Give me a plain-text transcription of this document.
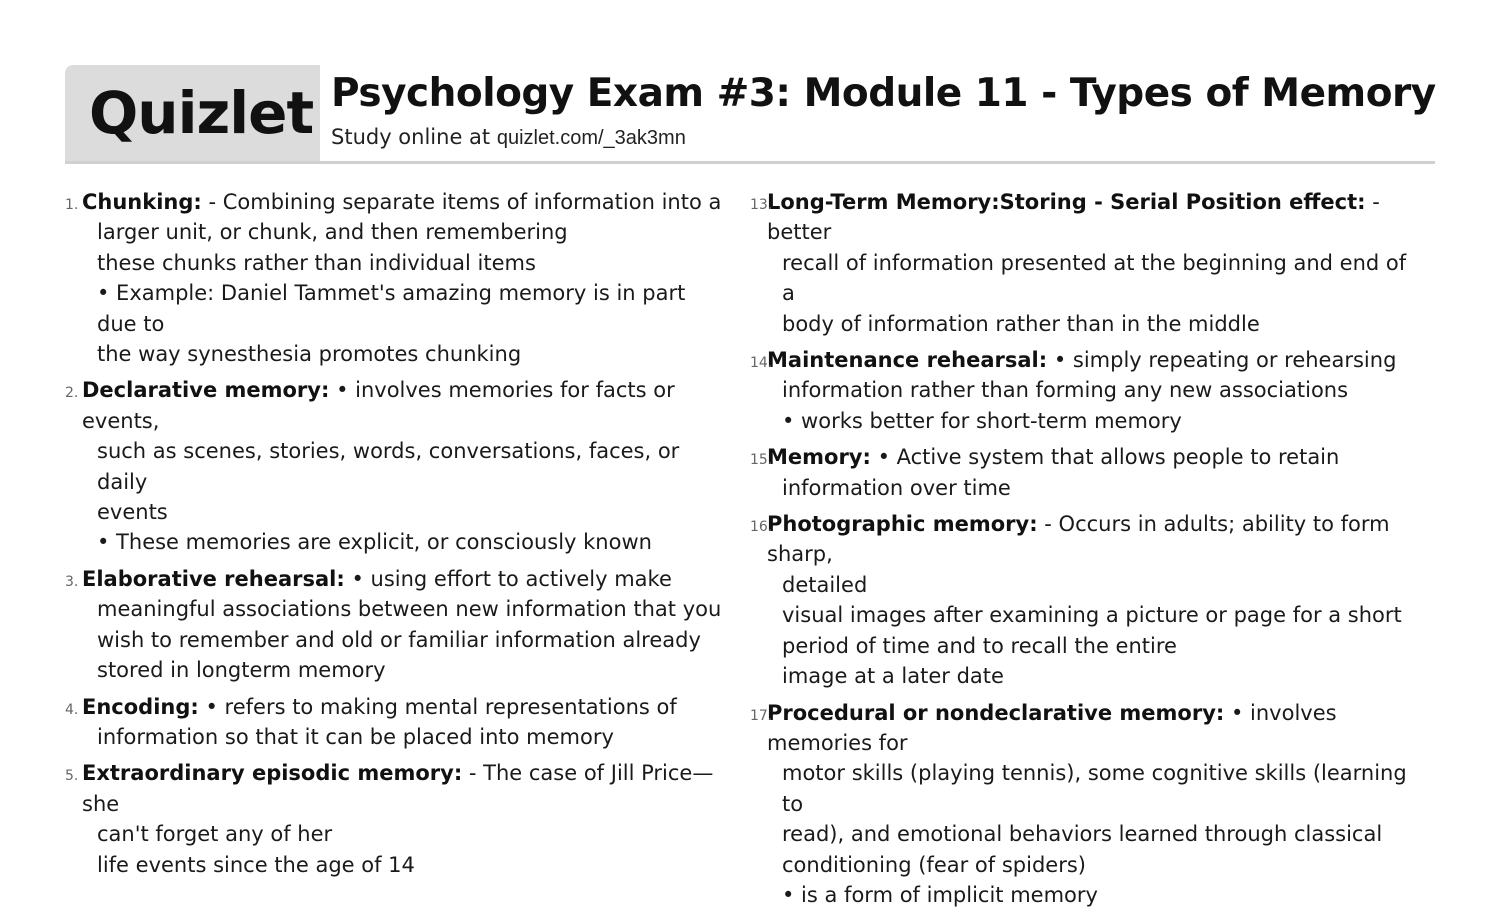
Quizlet Psychology Exam #3: Module 11 - Types of Memory
Study online at quizlet.com/_3ak3mn
1. Chunking: - Combining separate items of information into a
larger unit, or chunk, and then remembering
these chunks rather than individual items
• Example: Daniel Tammet's amazing memory is in part due to
the way synesthesia promotes chunking
2. Declarative memory: • involves memories for facts or events,
such as scenes, stories, words, conversations, faces, or daily
events
• These memories are explicit, or consciously known
3. Elaborative rehearsal: • using effort to actively make
meaningful associations between new information that you
wish to remember and old or familiar information already
stored in longterm memory
4. Encoding: • refers to making mental representations of
information so that it can be placed into memory
5. Extraordinary episodic memory: - The case of Jill Price—she
can't forget any of her
life events since the age of 14
13.
Long-Term Memory:Storing - Serial Position effect: - better
recall of information presented at the beginning and end of a
body of information rather than in the middle
14.
Maintenance rehearsal: • simply repeating or rehearsing
information rather than forming any new associations
• works better for short-term memory
15.
Memory: • Active system that allows people to retain
information over time
16.
Photographic memory: - Occurs in adults; ability to form sharp,
detailed
visual images after examining a picture or page for a short
period of time and to recall the entire
image at a later date
17.
Procedural or nondeclarative memory: • involves memories for
motor skills (playing tennis), some cognitive skills (learning to
read), and emotional behaviors learned through classical
conditioning (fear of spiders)
• is a form of implicit memory
